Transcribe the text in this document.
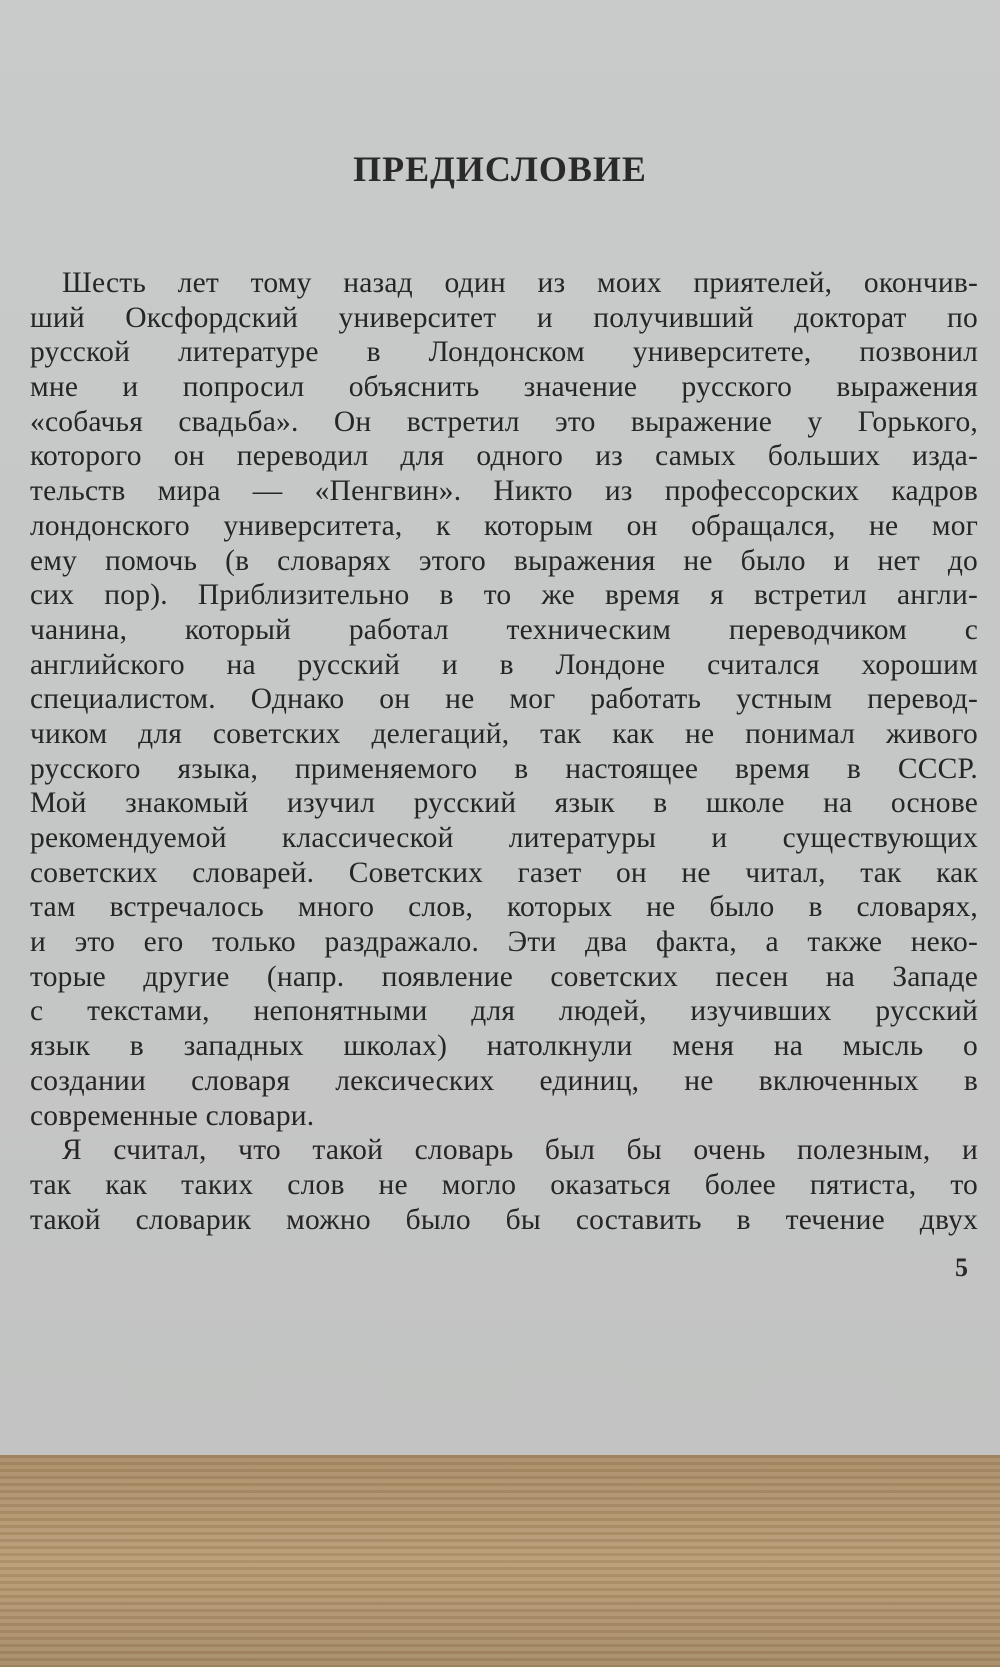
ПРЕДИСЛОВИЕ
Шесть лет тому назад один из моих приятелей, окончив-
ший Оксфордский университет и получивший докторат по
русской литературе в Лондонском университете, позвонил
мне и попросил объяснить значение русского выражения
«собачья свадьба». Он встретил это выражение у Горького,
которого он переводил для одного из самых больших изда-
тельств мира — «Пенгвин». Никто из профессорских кадров
лондонского университета, к которым он обращался, не мог
ему помочь (в словарях этого выражения не было и нет до
сих пор). Приблизительно в то же время я встретил англи-
чанина, который работал техническим переводчиком с
английского на русский и в Лондоне считался хорошим
специалистом. Однако он не мог работать устным перевод-
чиком для советских делегаций, так как не понимал живого
русского языка, применяемого в настоящее время в СССР.
Мой знакомый изучил русский язык в школе на основе
рекомендуемой классической литературы и существующих
советских словарей. Советских газет он не читал, так как
там встречалось много слов, которых не было в словарях,
и это его только раздражало. Эти два факта, а также неко-
торые другие (напр. появление советских песен на Западе
с текстами, непонятными для людей, изучивших русский
язык в западных школах) натолкнули меня на мысль о
создании словаря лексических единиц, не включенных в
современные словари.
Я считал, что такой словарь был бы очень полезным, и
так как таких слов не могло оказаться более пятиста, то
такой словарик можно было бы составить в течение двух
5
